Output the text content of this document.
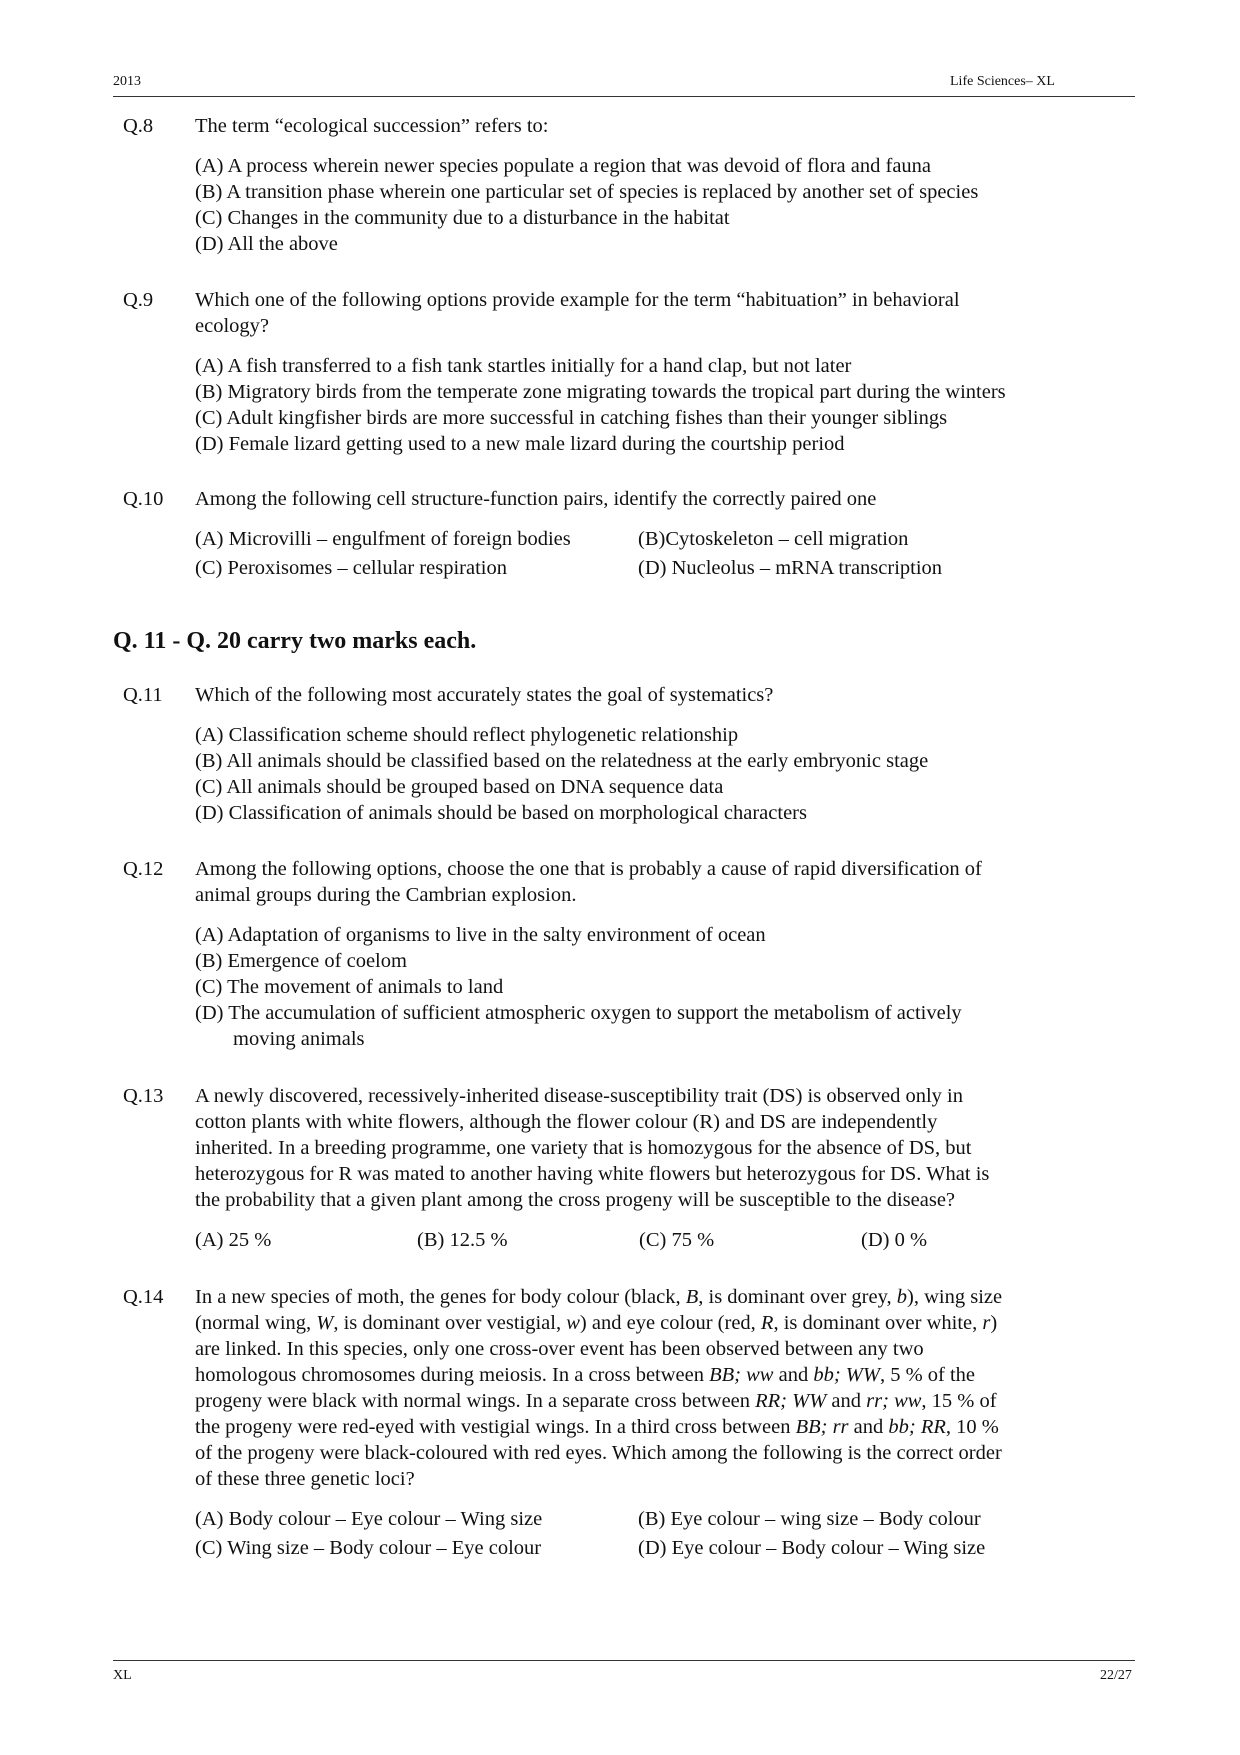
2013	Life Sciences– XL
Q.8 The term “ecological succession” refers to:
(A) A process wherein newer species populate a region that was devoid of flora and fauna
(B) A transition phase wherein one particular set of species is replaced by another set of species
(C) Changes in the community due to a disturbance in the habitat
(D) All the above
Q.9 Which one of the following options provide example for the term “habituation” in behavioral
ecology?
(A) A fish transferred to a fish tank startles initially for a hand clap, but not later
(B) Migratory birds from the temperate zone migrating towards the tropical part during the winters
(C) Adult kingfisher birds are more successful in catching fishes than their younger siblings
(D) Female lizard getting used to a new male lizard during the courtship period
Q.10 Among the following cell structure-function pairs, identify the correctly paired one
(A) Microvilli – engulfment of foreign bodies	(B)Cytoskeleton – cell migration
(C) Peroxisomes – cellular respiration	(D) Nucleolus – mRNA transcription
Q. 11 - Q. 20 carry two marks each.
Q.11 Which of the following most accurately states the goal of systematics?
(A) Classification scheme should reflect phylogenetic relationship
(B) All animals should be classified based on the relatedness at the early embryonic stage
(C) All animals should be grouped based on DNA sequence data
(D) Classification of animals should be based on morphological characters
Q.12 Among the following options, choose the one that is probably a cause of rapid diversification of
animal groups during the Cambrian explosion.
(A) Adaptation of organisms to live in the salty environment of ocean
(B) Emergence of coelom
(C) The movement of animals to land
(D) The accumulation of sufficient atmospheric oxygen to support the metabolism of actively
moving animals
Q.13 A newly discovered, recessively-inherited disease-susceptibility trait (DS) is observed only in
cotton plants with white flowers, although the flower colour (R) and DS are independently
inherited. In a breeding programme, one variety that is homozygous for the absence of DS, but
heterozygous for R was mated to another having white flowers but heterozygous for DS. What is
the probability that a given plant among the cross progeny will be susceptible to the disease?
(A) 25 %	(B) 12.5 %	(C) 75 %	(D) 0 %
Q.14 In a new species of moth, the genes for body colour (black, B, is dominant over grey, b), wing size
(normal wing, W, is dominant over vestigial, w) and eye colour (red, R, is dominant over white, r)
are linked. In this species, only one cross-over event has been observed between any two
homologous chromosomes during meiosis. In a cross between BB; ww and bb; WW, 5 % of the
progeny were black with normal wings. In a separate cross between RR; WW and rr; ww, 15 % of
the progeny were red-eyed with vestigial wings. In a third cross between BB; rr and bb; RR, 10 %
of the progeny were black-coloured with red eyes. Which among the following is the correct order
of these three genetic loci?
(A) Body colour – Eye colour – Wing size	(B) Eye colour – wing size – Body colour
(C) Wing size – Body colour – Eye colour	(D) Eye colour – Body colour – Wing size
XL	22/27
